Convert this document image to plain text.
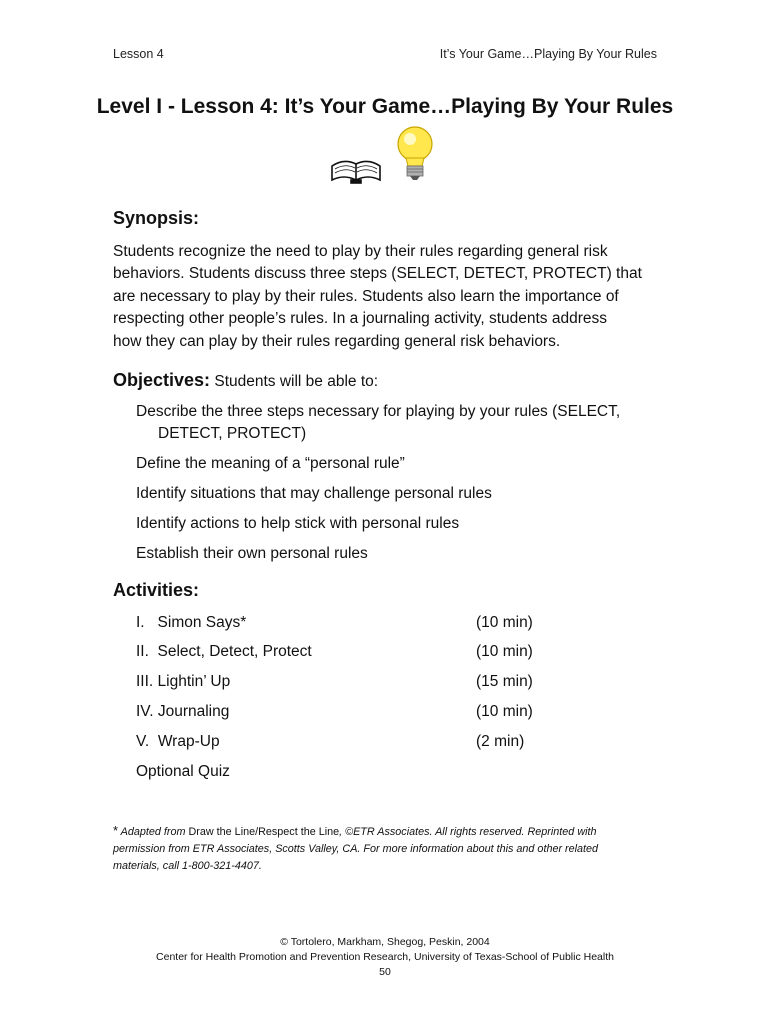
Lesson 4	It’s Your Game…Playing By Your Rules
Level I - Lesson 4: It’s Your Game…Playing By Your Rules
Synopsis:
Students recognize the need to play by their rules regarding general risk
behaviors. Students discuss three steps (SELECT, DETECT, PROTECT) that
are necessary to play by their rules. Students also learn the importance of
respecting other people’s rules. In a journaling activity, students address
how they can play by their rules regarding general risk behaviors.
Objectives: Students will be able to:
Describe the three steps necessary for playing by your rules (SELECT,
DETECT, PROTECT)
Define the meaning of a “personal rule”
Identify situations that may challenge personal rules
Identify actions to help stick with personal rules
Establish their own personal rules
Activities:
I.   Simon Says*	(10 min)
II.  Select, Detect, Protect	(10 min)
III. Lightin’ Up	(15 min)
IV. Journaling	(10 min)
V.  Wrap-Up	(2 min)
Optional Quiz
* Adapted from Draw the Line/Respect the Line, ©ETR Associates. All rights reserved. Reprinted with
permission from ETR Associates, Scotts Valley, CA. For more information about this and other related
materials, call 1-800-321-4407.
© Tortolero, Markham, Shegog, Peskin, 2004
Center for Health Promotion and Prevention Research, University of Texas-School of Public Health
50
